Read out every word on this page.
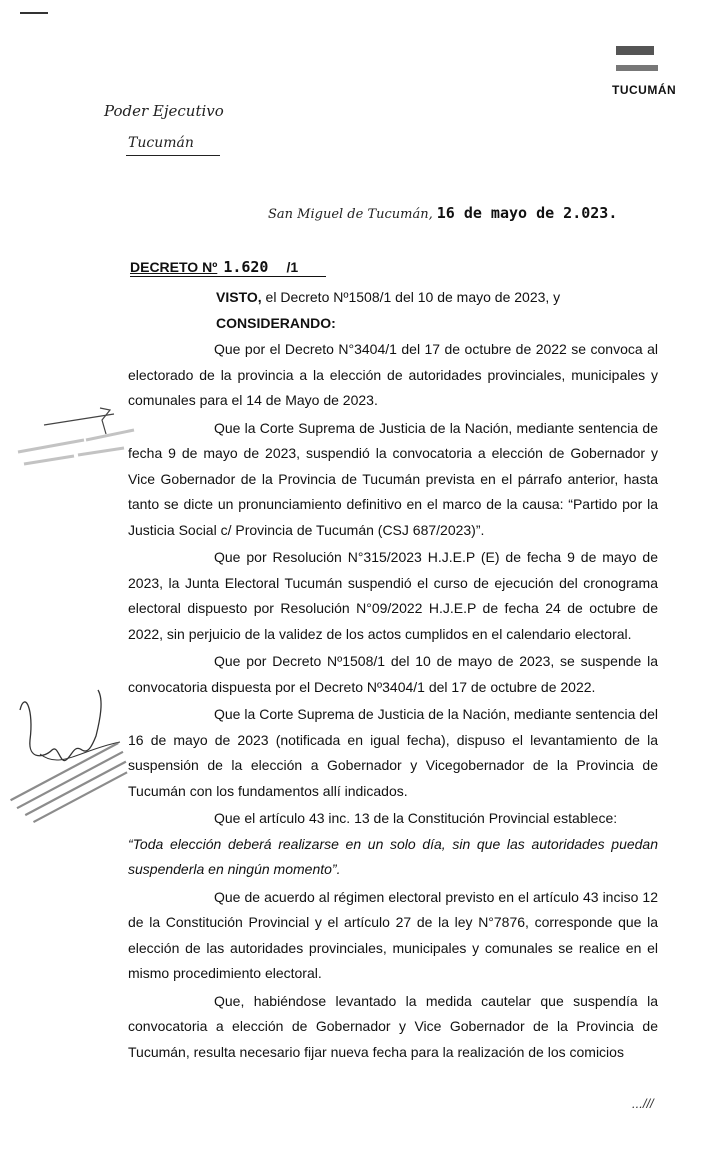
TUCUMÁN
Poder Ejecutivo
Tucumán
San Miguel de Tucumán, 16 de mayo de 2.023.
DECRETO Nº 1.620 /1
VISTO, el Decreto Nº1508/1 del 10 de mayo de 2023, y
CONSIDERANDO:

Que por el Decreto N°3404/1 del 17 de octubre de 2022 se convoca al electorado de la provincia a la elección de autoridades provinciales, municipales y comunales para el 14 de Mayo de 2023.

Que la Corte Suprema de Justicia de la Nación, mediante sentencia de fecha 9 de mayo de 2023, suspendió la convocatoria a elección de Gobernador y Vice Gobernador de la Provincia de Tucumán prevista en el párrafo anterior, hasta tanto se dicte un pronunciamiento definitivo en el marco de la causa: “Partido por la Justicia Social c/ Provincia de Tucumán (CSJ 687/2023)”.

Que por Resolución N°315/2023 H.J.E.P (E) de fecha 9 de mayo de 2023, la Junta Electoral Tucumán suspendió el curso de ejecución del cronograma electoral dispuesto por Resolución N°09/2022 H.J.E.P de fecha 24 de octubre de 2022, sin perjuicio de la validez de los actos cumplidos en el calendario electoral.

Que por Decreto Nº1508/1 del 10 de mayo de 2023, se suspende la convocatoria dispuesta por el Decreto Nº3404/1 del 17 de octubre de 2022.

Que la Corte Suprema de Justicia de la Nación, mediante sentencia del 16 de mayo de 2023 (notificada en igual fecha), dispuso el levantamiento de la suspensión de la elección a Gobernador y Vicegobernador de la Provincia de Tucumán con los fundamentos allí indicados.

Que el artículo 43 inc. 13 de la Constitución Provincial establece:

“Toda elección deberá realizarse en un solo día, sin que las autoridades puedan suspenderla en ningún momento”.

Que de acuerdo al régimen electoral previsto en el artículo 43 inciso 12 de la Constitución Provincial y el artículo 27 de la ley N°7876, corresponde que la elección de las autoridades provinciales, municipales y comunales se realice en el mismo procedimiento electoral.

Que, habiéndose levantado la medida cautelar que suspendía la convocatoria a elección de Gobernador y Vice Gobernador de la Provincia de Tucumán, resulta necesario fijar nueva fecha para la realización de los comicios

...///
